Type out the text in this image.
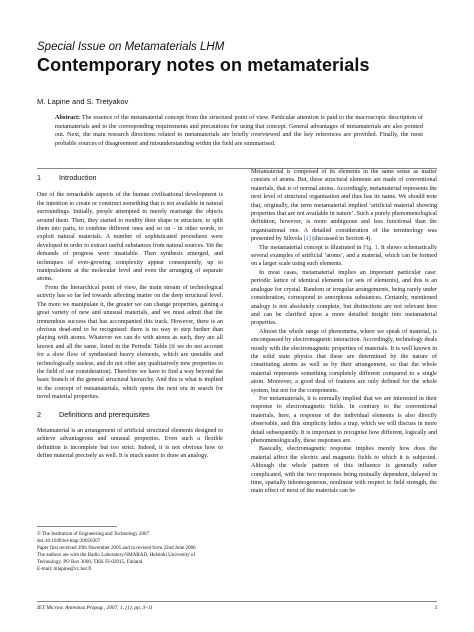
Special Issue on Metamaterials LHM
Contemporary notes on metamaterials
M. Lapine and S. Tretyakov
Abstract: The essence of the metamaterial concept from the structural point of view. Particular attention is paid to the macroscopic description of metamaterials and to the corresponding requirements and precautions for using that concept. General advantages of metamaterials are also pointed out. Next, the main research directions related to metamaterials are briefly overviewed and the key references are provided. Finally, the most probable sources of disagreement and misunderstanding within the field are summarised.
1	Introduction

One of the remarkable aspects of the human civilisational development is the intention to create or construct something that is not available in natural surroundings. Initially, people attempted to merely rearrange the objects around them. Then, they started to modify their shape or structure, to split them into parts, to combine different ones and so on – in other words, to exploit natural materials. A number of sophisticated procedures were developed in order to extract useful substances from natural sources. Yet the demands of progress were insatiable. Then synthesis emerged, and techniques of ever-growing complexity appear consequently, up to manipulations at the molecular level and even the arranging of separate atoms.

From the hierarchical point of view, the main stream of technological activity has so far led towards affecting matter on the deep structural level. The more we manipulate it, the greater we can change properties, gaining a great variety of new and unusual materials, and we must admit that the tremendous success that has accompanied this track. However, there is an obvious dead-end to be recognised: there is no way to step further than playing with atoms. Whatever we can do with atoms as such, they are all known and all the same, listed in the Periodic Table (if we do not account for a slow flow of synthesised heavy elements, which are unstable and technologically useless, and do not offer any qualitatively new properties to the field of our consideration). Therefore we have to find a way beyond the basic branch of the general structural hierarchy. And this is what is implied in the concept of metamaterials, which opens the next era in search for novel material properties.

2	Definitions and prerequisites

Metamaterial is an arrangement of artificial structural elements designed to achieve advantageous and unusual properties. Even such a flexible definition is incomplete but too strict. Indeed, it is not obvious how to define material precisely as well. It is much easier to draw an analogy.

Metamaterial is composed of its elements in the same sense as matter consists of atoms. But, these structural elements are made of conventional materials, that is of normal atoms. Accordingly, metamaterial represents the next level of structural organisation and thus has its name. We should note that, originally, the term metamaterial implied ‘artificial material showing properties that are not available in nature’. Such a purely phenomenological definition, however, is more ambiguous and less functional than the organisational one. A detailed consideration of the terminology was presented by Sihvola [1] (discussed in Section 4).

The metamaterial concept is illustrated in Fig. 1. It shows schematically several examples of artificial ‘atoms’, and a material, which can be formed on a larger scale using such elements.

In most cases, metamaterial implies an important particular case: periodic lattice of identical elements (or sets of elements), and this is an analogue for crystal. Random or irregular arrangements, being rarely under consideration, correspond to amorphous substances. Certainly, mentioned analogy is not absolutely complete, but distinctions are not relevant here and can be clarified upon a more detailed insight into metamaterial properties.

Almost the whole range of phenomena, where we speak of material, is encompassed by electromagnetic interaction. Accordingly, technology deals mostly with the electromagnetic properties of materials. It is well known in the solid state physics that these are determined by the nature of constituting atoms as well as by their arrangement, so that the whole material represents something completely different compared to a single atom. Moreover, a good deal of features are only defined for the whole system, but not for the components.

For metamaterials, it is normally implied that we are interested in their response to electromagnetic fields. In contrary to the conventional materials, here, a response of the individual elements is also directly observable, and this simplicity hides a trap, which we will discuss in more detail subsequently. It is important to recognise how different, logically and phenomenologically, these responses are.

Basically, electromagnetic response implies merely how does the material affect the electric and magnetic fields to which it is subjected. Although the whole pattern of this influence is generally rather complicated, with the two responses being mutually dependent, delayed in time, spatially inhomogeneous, nonlinear with respect to field strength, the main effect of most of the materials can be

© The Institution of Engineering and Technology 2007

doi:10.1049/iet-map:20050307

Paper first received 29th November 2005 and in revised form 22nd June 2006

The authors are with the Radio Laboratory/SMARAD, Helsinki University of

Technology, PO Box 3000, TKK FI-02015, Finland

E-mail: mlapine@cc.hut.fi

IET Microw. Antennas Propag., 2007, 1, (1), pp. 3–11	3
